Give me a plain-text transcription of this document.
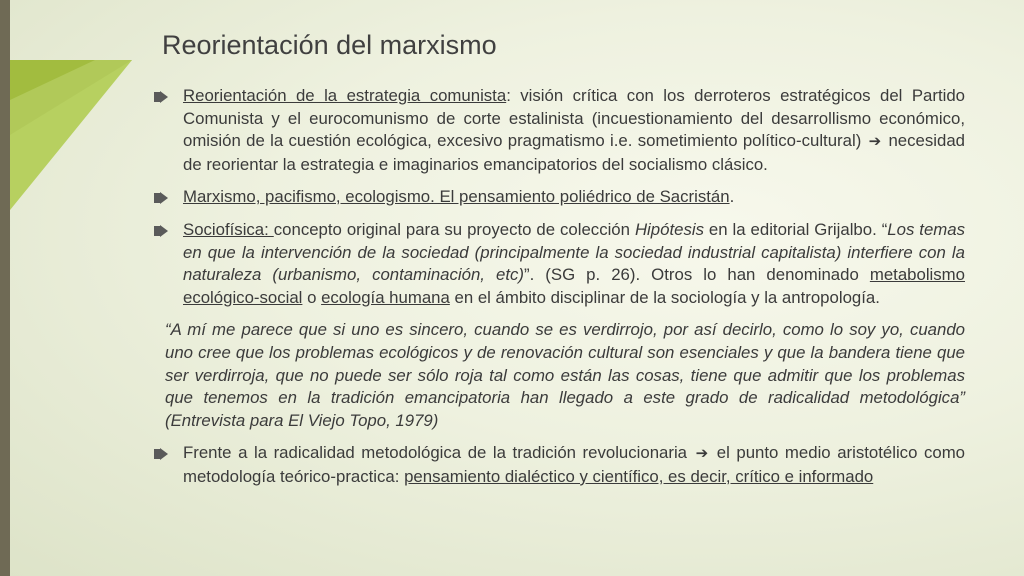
Reorientación del marxismo
Reorientación de la estrategia comunista: visión crítica con los derroteros estratégicos del Partido Comunista y el eurocomunismo de corte estalinista (incuestionamiento del desarrollismo económico, omisión de la cuestión ecológica, excesivo pragmatismo i.e. sometimiento político-cultural) ➔ necesidad de reorientar la estrategia e imaginarios emancipatorios del socialismo clásico.
Marxismo, pacifismo, ecologismo. El pensamiento poliédrico de Sacristán.
Sociofísica: concepto original para su proyecto de colección Hipótesis en la editorial Grijalbo. “Los temas en que la intervención de la sociedad (principalmente la sociedad industrial capitalista) interfiere con la naturaleza (urbanismo, contaminación, etc)”. (SG p. 26). Otros lo han denominado metabolismo ecológico-social o ecología humana en el ámbito disciplinar de la sociología y la antropología.

“A mí me parece que si uno es sincero, cuando se es verdirrojo, por así decirlo, como lo soy yo, cuando uno cree que los problemas ecológicos y de renovación cultural son esenciales y que la bandera tiene que ser verdirroja, que no puede ser sólo roja tal como están las cosas, tiene que admitir que los problemas que tenemos en la tradición emancipatoria han llegado a este grado de radicalidad metodológica” (Entrevista para El Viejo Topo, 1979)

Frente a la radicalidad metodológica de la tradición revolucionaria ➔ el punto medio aristotélico como metodología teórico-practica: pensamiento dialéctico y científico, es decir, crítico e informado
